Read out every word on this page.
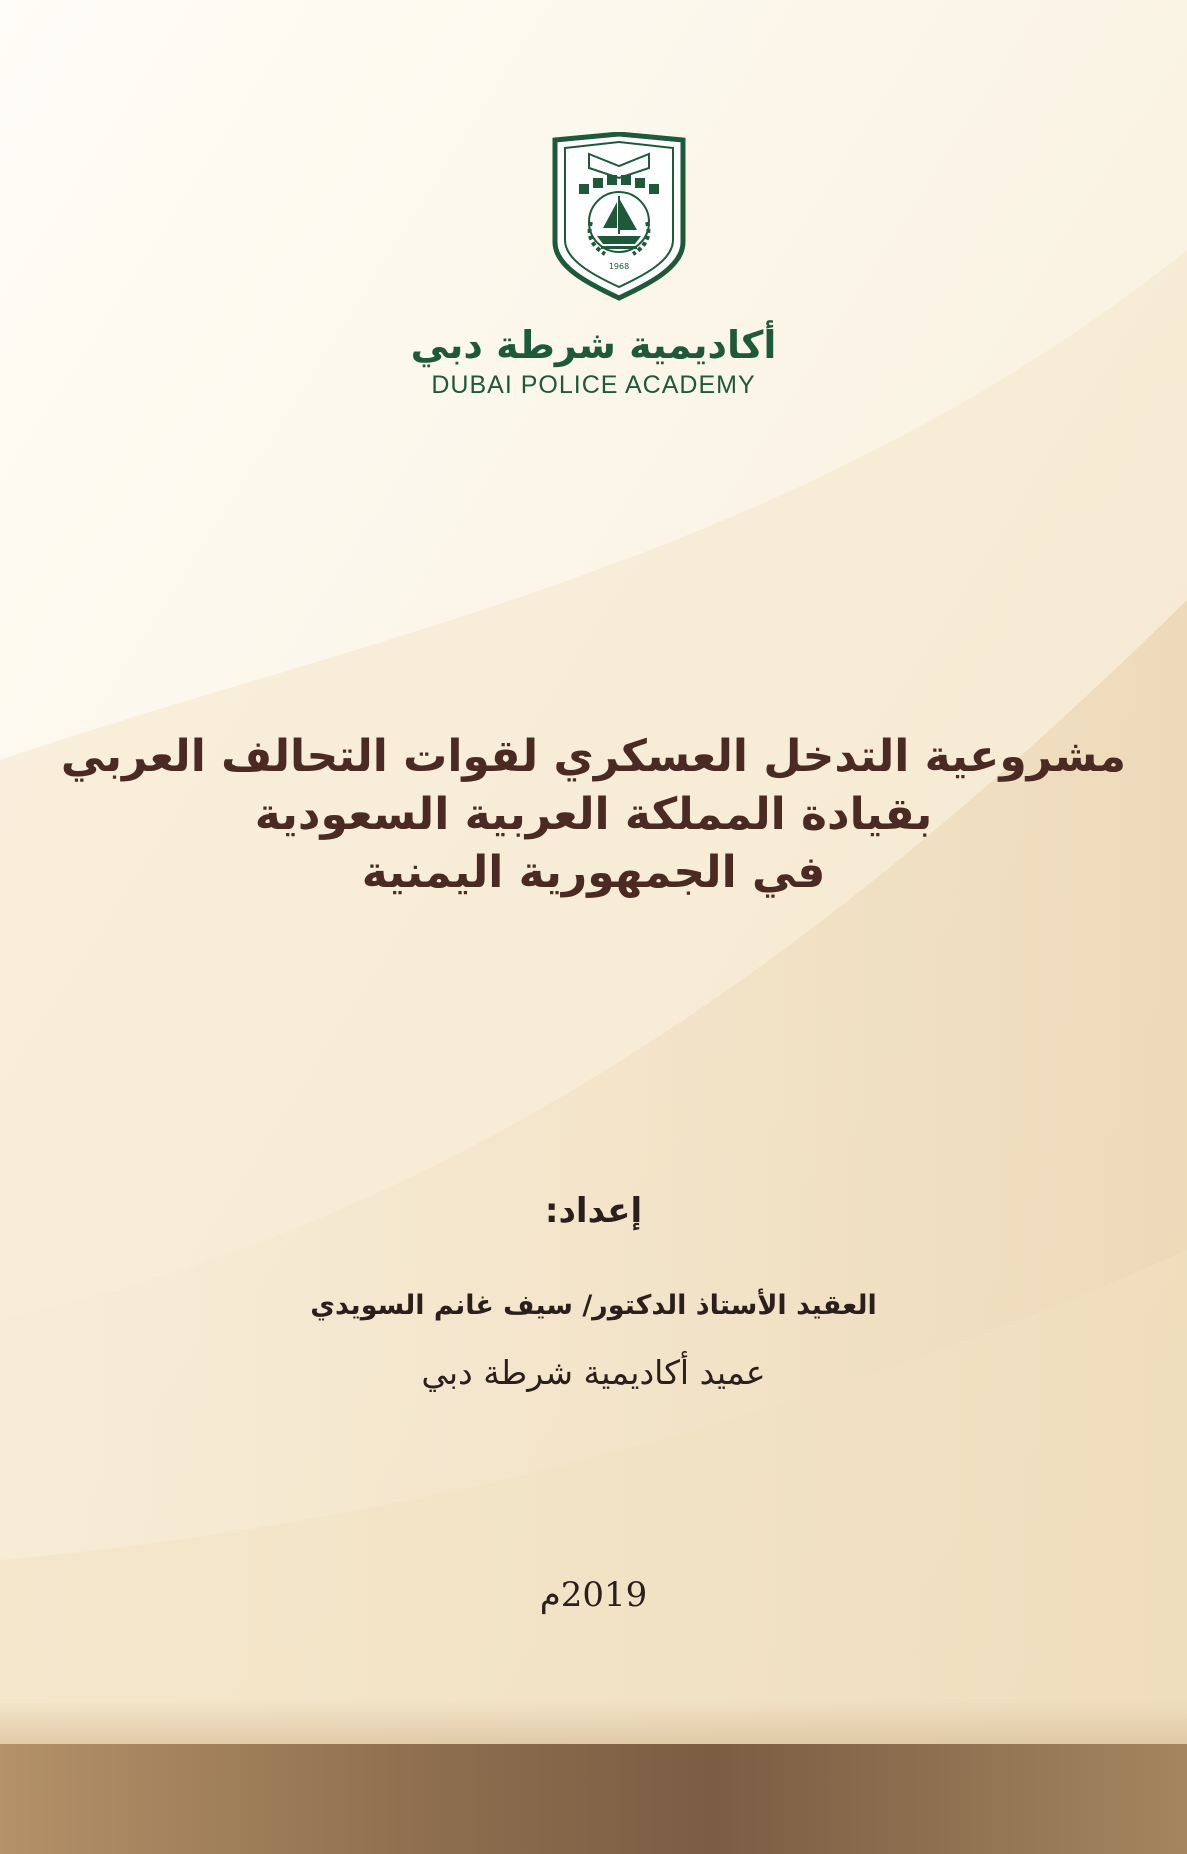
1968
أكاديمية شرطة دبي
DUBAI POLICE ACADEMY
مشروعية التدخل العسكري لقوات التحالف العربي
بقيادة المملكة العربية السعودية
في الجمهورية اليمنية
إعداد:
العقيد الأستاذ الدكتور/ سيف غانم السويدي
عميد أكاديمية شرطة دبي
2019م
